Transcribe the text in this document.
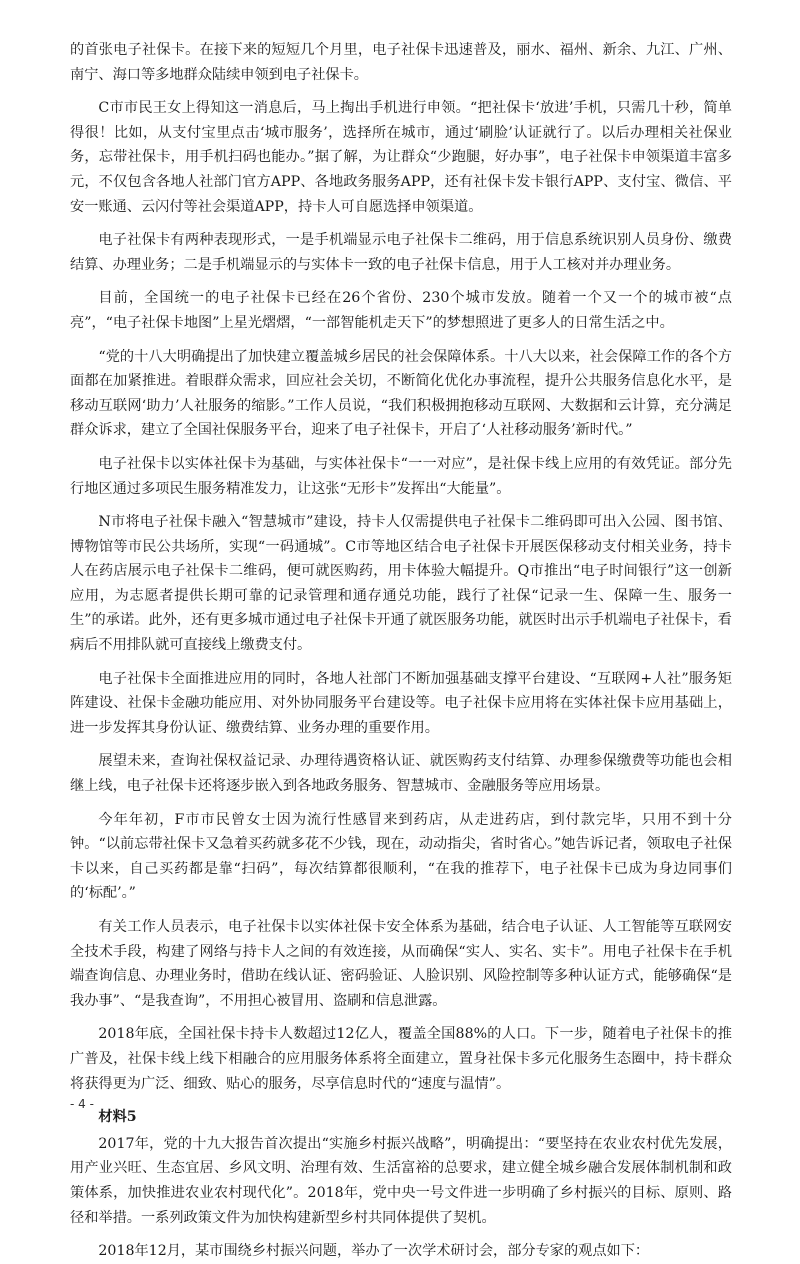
的首张电子社保卡。在接下来的短短几个月里，电子社保卡迅速普及，丽水、福州、新余、九江、广州、南宁、海口等多地群众陆续申领到电子社保卡。

C市市民王女上得知这一消息后，马上掏出手机进行申领。“把社保卡‘放进’手机，只需几十秒，简单得很！比如，从支付宝里点击‘城市服务’，选择所在城市，通过‘刷脸’认证就行了。以后办理相关社保业务，忘带社保卡，用手机扫码也能办。”据了解，为让群众“少跑腿，好办事”，电子社保卡申领渠道丰富多元，不仅包含各地人社部门官方APP、各地政务服务APP，还有社保卡发卡银行APP、支付宝、微信、平安一账通、云闪付等社会渠道APP，持卡人可自愿选择申领渠道。

电子社保卡有两种表现形式，一是手机端显示电子社保卡二维码，用于信息系统识别人员身份、缴费结算、办理业务；二是手机端显示的与实体卡一致的电子社保卡信息，用于人工核对并办理业务。

目前，全国统一的电子社保卡已经在26个省份、230个城市发放。随着一个又一个的城市被“点亮”，“电子社保卡地图”上星光熠熠，“一部智能机走天下”的梦想照进了更多人的日常生活之中。

“党的十八大明确提出了加快建立覆盖城乡居民的社会保障体系。十八大以来，社会保障工作的各个方面都在加紧推进。着眼群众需求，回应社会关切，不断简化优化办事流程，提升公共服务信息化水平，是移动互联网‘助力’人社服务的缩影。”工作人员说，“我们积极拥抱移动互联网、大数据和云计算，充分满足群众诉求，建立了全国社保服务平台，迎来了电子社保卡，开启了‘人社移动服务’新时代。”

电子社保卡以实体社保卡为基础，与实体社保卡“一一对应”，是社保卡线上应用的有效凭证。部分先行地区通过多项民生服务精准发力，让这张“无形卡”发挥出“大能量”。

N市将电子社保卡融入“智慧城市”建设，持卡人仅需提供电子社保卡二维码即可出入公园、图书馆、博物馆等市民公共场所，实现“一码通城”。C市等地区结合电子社保卡开展医保移动支付相关业务，持卡人在药店展示电子社保卡二维码，便可就医购药，用卡体验大幅提升。Q市推出“电子时间银行”这一创新应用，为志愿者提供长期可靠的记录管理和通存通兑功能，践行了社保“记录一生、保障一生、服务一生”的承诺。此外，还有更多城市通过电子社保卡开通了就医服务功能，就医时出示手机端电子社保卡，看病后不用排队就可直接线上缴费支付。

电子社保卡全面推进应用的同时，各地人社部门不断加强基础支撑平台建设、“互联网+人社”服务矩阵建设、社保卡金融功能应用、对外协同服务平台建设等。电子社保卡应用将在实体社保卡应用基础上，进一步发挥其身份认证、缴费结算、业务办理的重要作用。

展望未来，查询社保权益记录、办理待遇资格认证、就医购药支付结算、办理参保缴费等功能也会相继上线，电子社保卡还将逐步嵌入到各地政务服务、智慧城市、金融服务等应用场景。

今年年初，F市市民曾女士因为流行性感冒来到药店，从走进药店，到付款完毕，只用不到十分钟。“以前忘带社保卡又急着买药就多花不少钱，现在，动动指尖，省时省心。”她告诉记者，领取电子社保卡以来，自己买药都是靠“扫码”，每次结算都很顺利，“在我的推荐下，电子社保卡已成为身边同事们的‘标配’。”

有关工作人员表示，电子社保卡以实体社保卡安全体系为基础，结合电子认证、人工智能等互联网安全技术手段，构建了网络与持卡人之间的有效连接，从而确保“实人、实名、实卡”。用电子社保卡在手机端查询信息、办理业务时，借助在线认证、密码验证、人脸识别、风险控制等多种认证方式，能够确保“是我办事”、“是我查询”，不用担心被冒用、盗刷和信息泄露。

2018年底，全国社保卡持卡人数超过12亿人，覆盖全国88%的人口。下一步，随着电子社保卡的推广普及，社保卡线上线下相融合的应用服务体系将全面建立，置身社保卡多元化服务生态圈中，持卡群众将获得更为广泛、细致、贴心的服务，尽享信息时代的“速度与温情”。

材料5

2017年，党的十九大报告首次提出“实施乡村振兴战略”，明确提出：“要坚持在农业农村优先发展，用产业兴旺、生态宜居、乡风文明、治理有效、生活富裕的总要求，建立健全城乡融合发展体制机制和政策体系，加快推进农业农村现代化”。2018年，党中央一号文件进一步明确了乡村振兴的目标、原则、路径和举措。一系列政策文件为加快构建新型乡村共同体提供了契机。

2018年12月，某市围绕乡村振兴问题，举办了一次学术研讨会，部分专家的观点如下：

- 4 -
